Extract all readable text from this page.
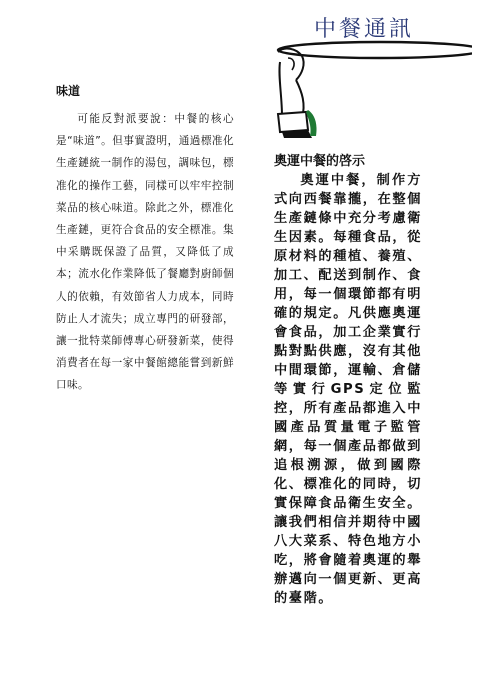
中餐通訊
味道

可能反對派要說：中餐的核心是“味道”。但事實證明，通過標准化生產鏈統一制作的湯包，調味包，標准化的操作工藝，同樣可以牢牢控制菜品的核心味道。除此之外，標准化生產鏈，更符合食品的安全標准。集中采購既保證了品質，又降低了成本；流水化作業降低了餐廳對廚師個人的依賴，有效節省人力成本，同時防止人才流失；成立專門的研發部，讓一批特菜師傅專心研發新菜，使得消費者在每一家中餐館總能嘗到新鮮口味。

奧運中餐的啓示

奧運中餐，制作方式向西餐靠攏，在整個生產鏈條中充分考慮衛生因素。每種食品，從原材料的種植、養殖、加工、配送到制作、食用，每一個環節都有明確的規定。凡供應奧運會食品，加工企業實行點對點供應，沒有其他中間環節，運輸、倉儲等實行GPS定位監控，所有產品都進入中國產品質量電子監管網，每一個產品都做到追根溯源，做到國際化、標准化的同時，切實保障食品衛生安全。讓我們相信并期待中國八大菜系、特色地方小吃，將會隨着奧運的舉辦邁向一個更新、更高的臺階。
